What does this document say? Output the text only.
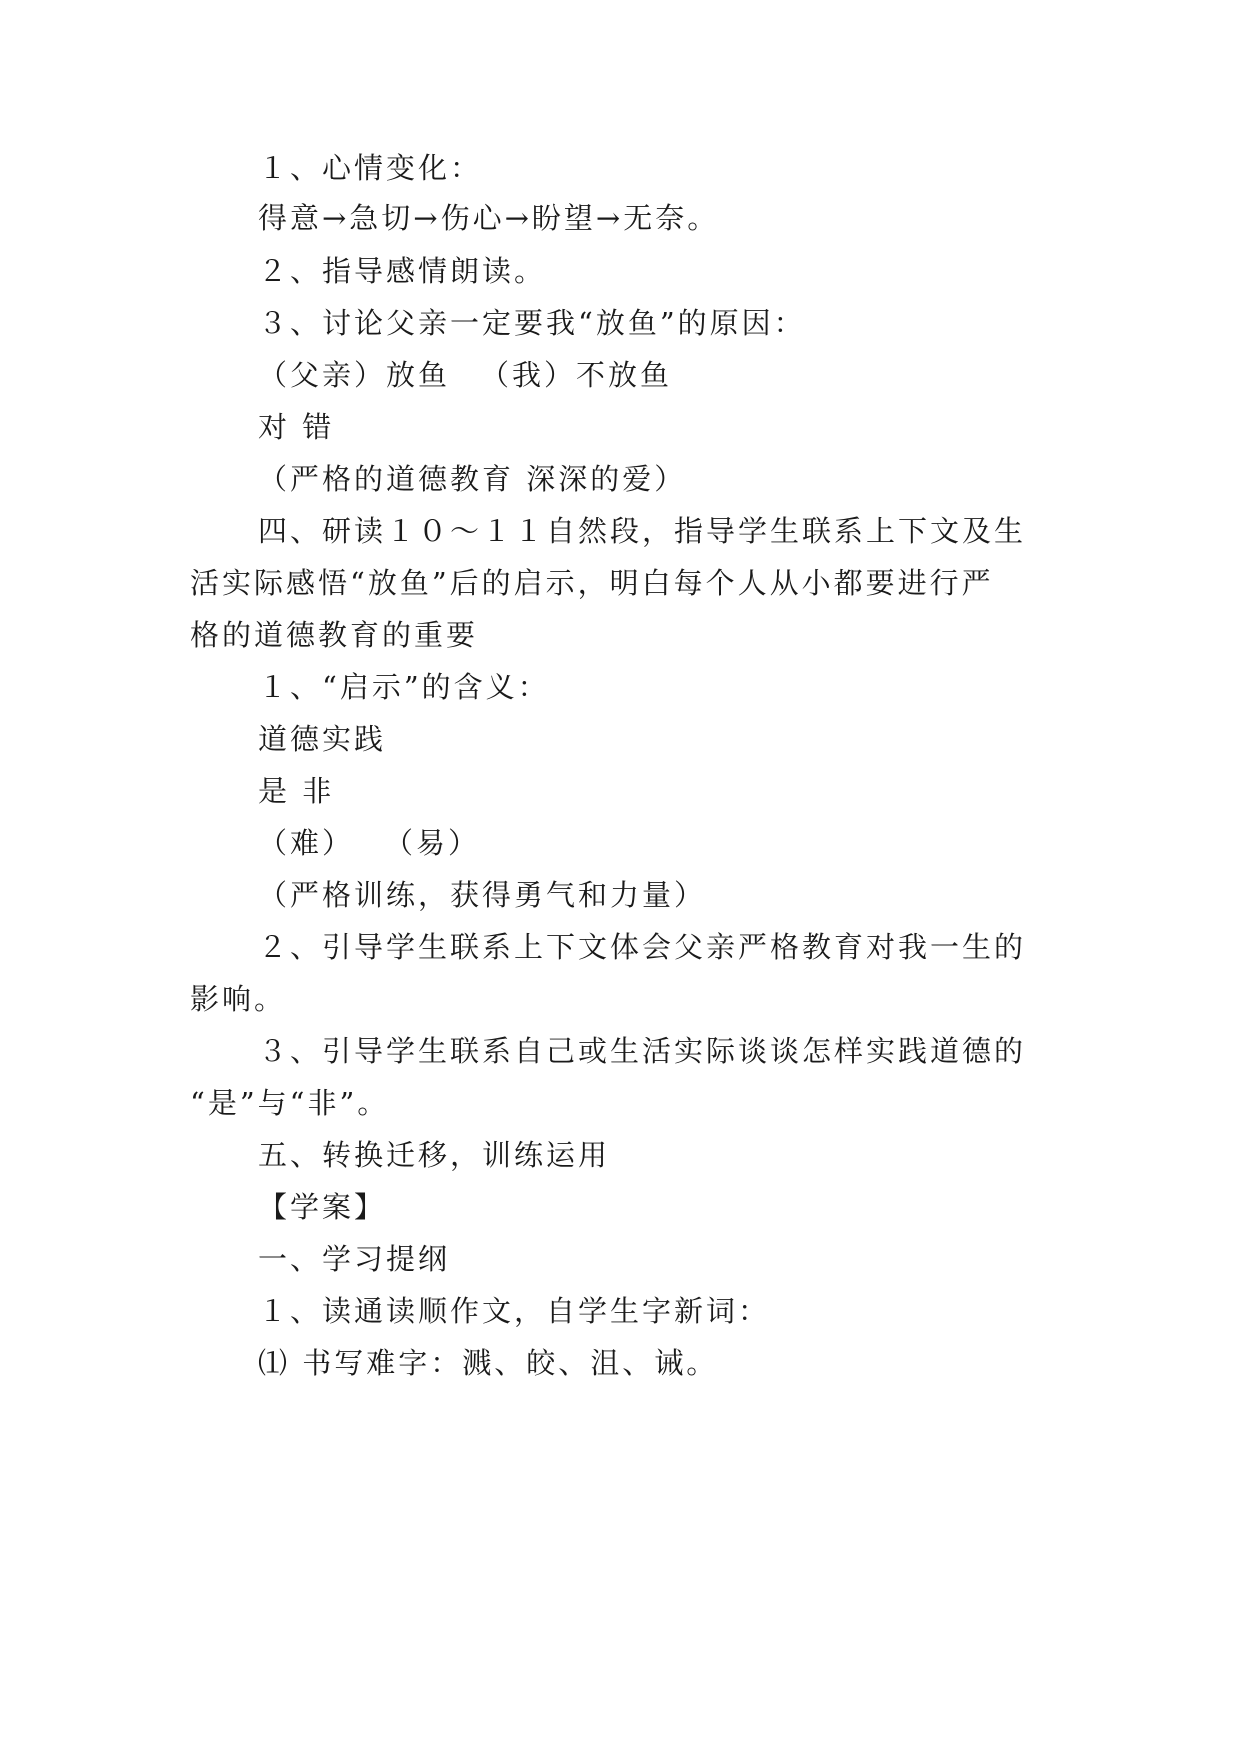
１、心情变化：
得意→急切→伤心→盼望→无奈。
２、指导感情朗读。
３、讨论父亲一定要我“放鱼”的原因：
（父亲）放鱼 （我）不放鱼
对 错
（严格的道德教育 深深的爱）
四、研读１０～１１自然段，指导学生联系上下文及生
活实际感悟“放鱼”后的启示，明白每个人从小都要进行严
格的道德教育的重要
１、“启示”的含义：
道德实践
是 非
（难） （易）
（严格训练，获得勇气和力量）
２、引导学生联系上下文体会父亲严格教育对我一生的
影响。
３、引导学生联系自己或生活实际谈谈怎样实践道德的
“是”与“非”。
五、转换迁移，训练运用
【学案】
一、学习提纲
１、读通读顺作文，自学生字新词：
⑴ 书写难字：溅、皎、沮、诫。
